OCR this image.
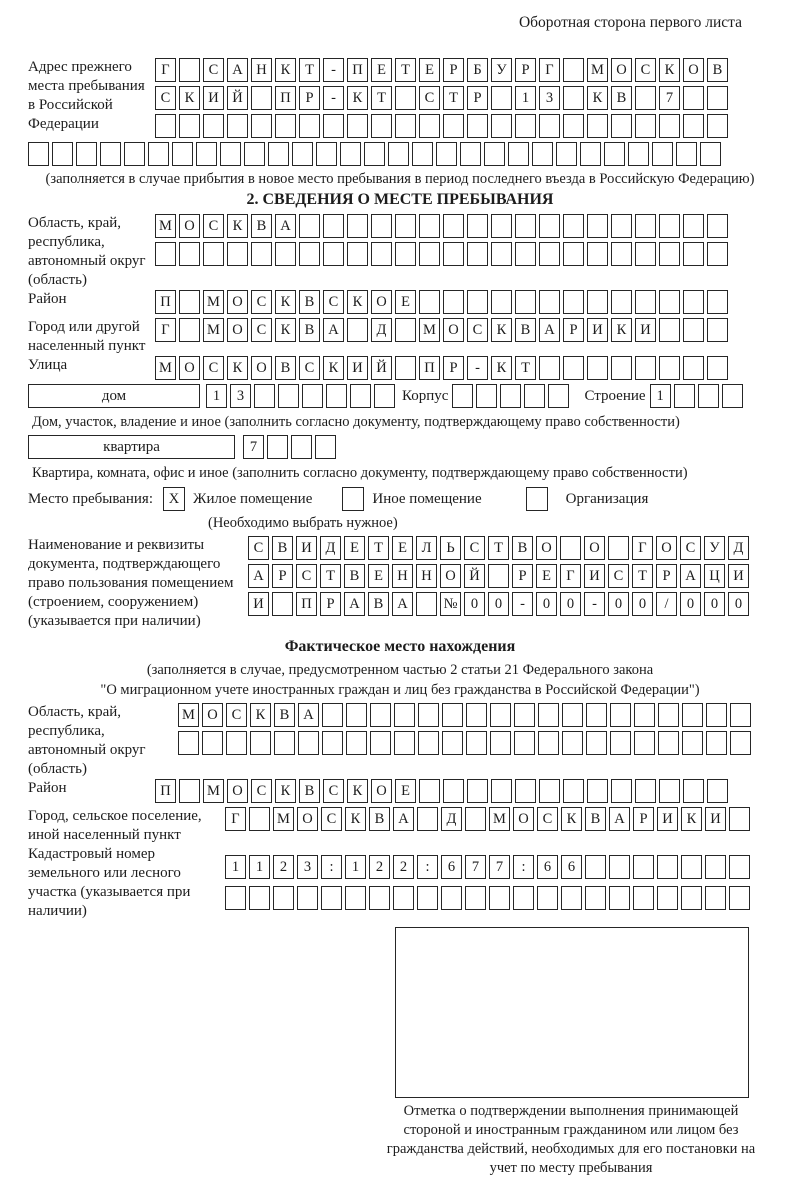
Оборотная сторона первого листа
Адрес прежнего места пребывания в Российской Федерации
Г	С А Н К Т - П Е Т Е Р Б У Р Г	М О С К О В
С К И Й	П Р - К Т	С Т Р	1 3	К В	7
(заполняется в случае прибытия в новое место пребывания в период последнего въезда в Российскую Федерацию)
2. СВЕДЕНИЯ О МЕСТЕ ПРЕБЫВАНИЯ
Область, край, республика, автономный округ (область)
М О С К В А
Район	П	М О С К В С К О Е
Город или другой населенный пункт
Г	М О С К В А	Д	М О С К В А Р И К И
Улица	М О С К О В С К И Й	П Р - К Т
дом	1 3	Корпус	Строение 1
Дом, участок, владение и иное (заполнить согласно документу, подтверждающему право собственности)
квартира	7
Квартира, комната, офис и иное (заполнить согласно документу, подтверждающему право собственности)
Место пребывания:	X Жилое помещение	Иное помещение	Организация
(Необходимо выбрать нужное)
Наименование и реквизиты документа, подтверждающего право пользования помещением (строением, сооружением) (указывается при наличии)
С В И Д Е Т Е Л Ь С Т В О	О	Г О С У Д
А Р С Т В Е Н Н О Й	Р Е Г И С Т Р А Ц И
И	П Р А В А № 0 0 - 0 0 - 0 0 / 0 0 0
Фактическое место нахождения
(заполняется в случае, предусмотренном частью 2 статьи 21 Федерального закона
"О миграционном учете иностранных граждан и лиц без гражданства в Российской Федерации")
Область, край, республика, автономный округ (область)
М О С К В А
Район	П	М О С К В С К О Е
Город, сельское поселение, иной населенный пункт
Г	М О С К В А	Д	М О С К В А Р И К И
Кадастровый номер земельного или лесного участка (указывается при наличии)
1 1 2 3 : 1 2 2 : 6 7 7 : 6 6
Отметка о подтверждении выполнения принимающей стороной и иностранным гражданином или лицом без гражданства действий, необходимых для его постановки на учет по месту пребывания
